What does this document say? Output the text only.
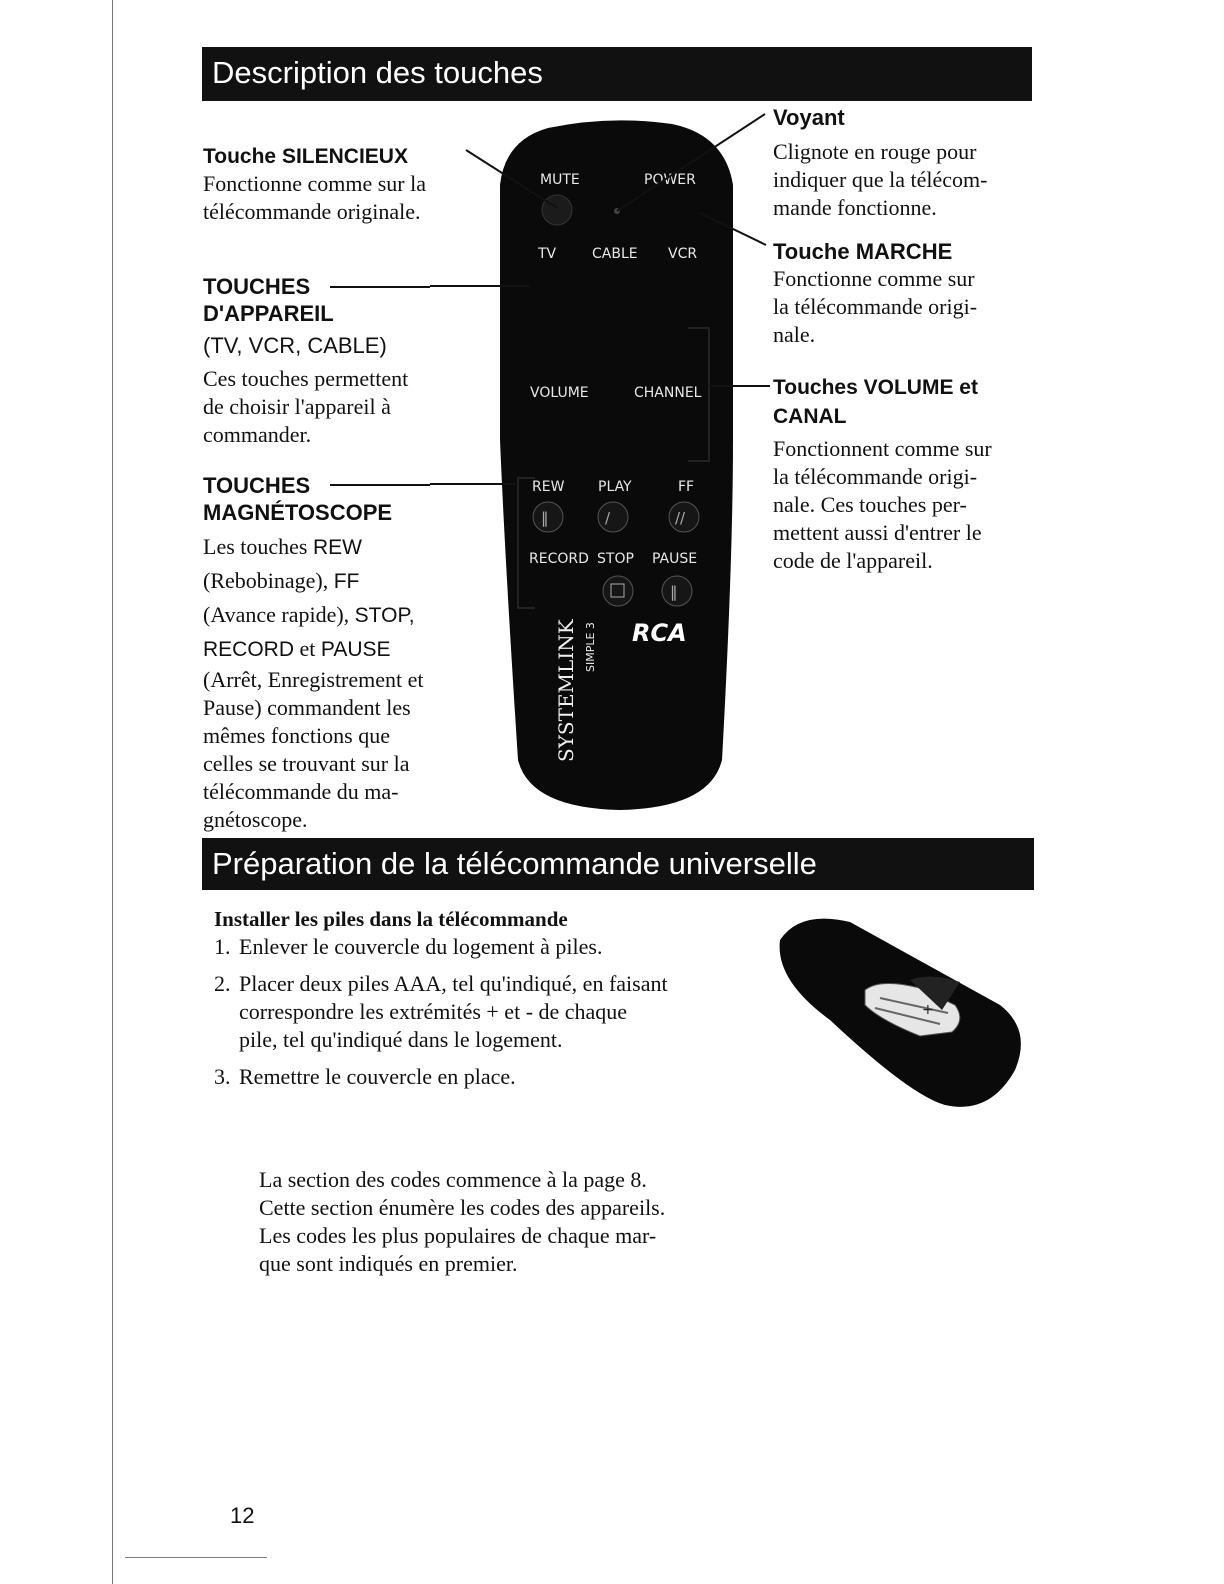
Description des touches
Touche SILENCIEUX
Fonctionne comme sur la
télécommande originale.
TOUCHES
D'APPAREIL
(TV, VCR, CABLE)
Ces touches permettent
de choisir l'appareil à
commander.
TOUCHES
MAGNÉTOSCOPE
Les touches REW
(Rebobinage), FF
(Avance rapide), STOP,
RECORD et PAUSE
(Arrêt, Enregistrement et
Pause) commandent les
mêmes fonctions que
celles se trouvant sur la
télécommande du ma-
gnétoscope.
MUTE	POWER
TV	CABLE VCR
VOLUME	CHANNEL
REW PLAY	FF
‖	/	//
RECORD STOP PAUSE
‖
RCA
SYSTEMLINK SIMPLE 3
Voyant
Clignote en rouge pour
indiquer que la télécom-
mande fonctionne.
Touche MARCHE
Fonctionne comme sur
la télécommande origi-
nale.
Touches VOLUME et
CANAL
Fonctionnent comme sur
la télécommande origi-
nale. Ces touches per-
mettent aussi d'entrer le
code de l'appareil.
Préparation de la télécommande universelle
Installer les piles dans la télécommande
1. Enlever le couvercle du logement à piles.
2. Placer deux piles AAA, tel qu'indiqué, en faisant
correspondre les extrémités + et - de chaque
pile, tel qu'indiqué dans le logement.
3. Remettre le couvercle en place.
+
La section des codes commence à la page 8.
Cette section énumère les codes des appareils.
Les codes les plus populaires de chaque mar-
que sont indiqués en premier.
12
